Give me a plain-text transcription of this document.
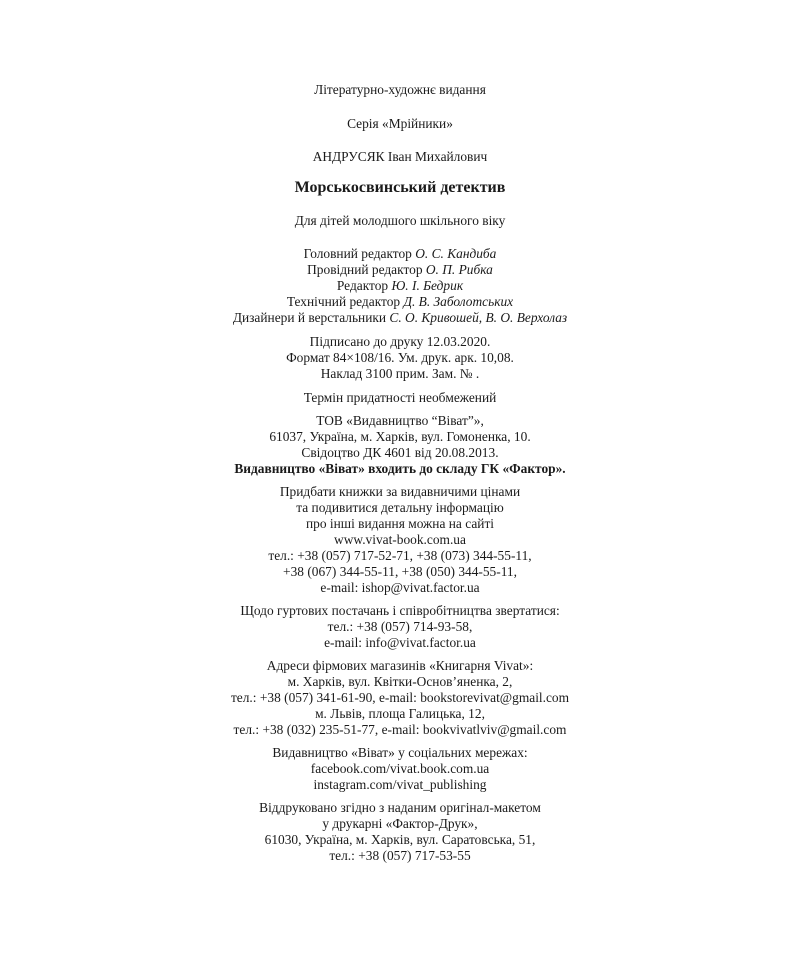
Літературно-художнє видання
Серія «Мрійники»
АНДРУСЯК Іван Михайлович
Морськосвинський детектив
Для дітей молодшого шкільного віку
Головний редактор О. С. Кандиба
Провідний редактор О. П. Рибка
Редактор Ю. І. Бедрик
Технічний редактор Д. В. Заболотських
Дизайнери й верстальники С. О. Кривошей, В. О. Верхолаз
Підписано до друку 12.03.2020.
Формат 84×108/16. Ум. друк. арк. 10,08.
Наклад 3100 прим. Зам. № .
Термін придатності необмежений
ТОВ «Видавництво “Віват”»,
61037, Україна, м. Харків, вул. Гомоненка, 10.
Свідоцтво ДК 4601 від 20.08.2013.
Видавництво «Віват» входить до складу ГК «Фактор».
Придбати книжки за видавничими цінами
та подивитися детальну інформацію
про інші видання можна на сайті
www.vivat-book.com.ua
тел.: +38 (057) 717-52-71, +38 (073) 344-55-11,
+38 (067) 344-55-11, +38 (050) 344-55-11,
e-mail: ishop@vivat.factor.ua
Щодо гуртових постачань і співробітництва звертатися:
тел.: +38 (057) 714-93-58,
e-mail: info@vivat.factor.ua
Адреси фірмових магазинів «Книгарня Vivat»:
м. Харків, вул. Квітки-Основ’яненка, 2,
тел.: +38 (057) 341-61-90, e-mail: bookstorevivat@gmail.com
м. Львів, площа Галицька, 12,
тел.: +38 (032) 235-51-77, e-mail: bookvivatlviv@gmail.com
Видавництво «Віват» у соціальних мережах:
facebook.com/vivat.book.com.ua
instagram.com/vivat_publishing
Віддруковано згідно з наданим оригінал-макетом
у друкарні «Фактор-Друк»,
61030, Україна, м. Харків, вул. Саратовська, 51,
тел.: +38 (057) 717-53-55
